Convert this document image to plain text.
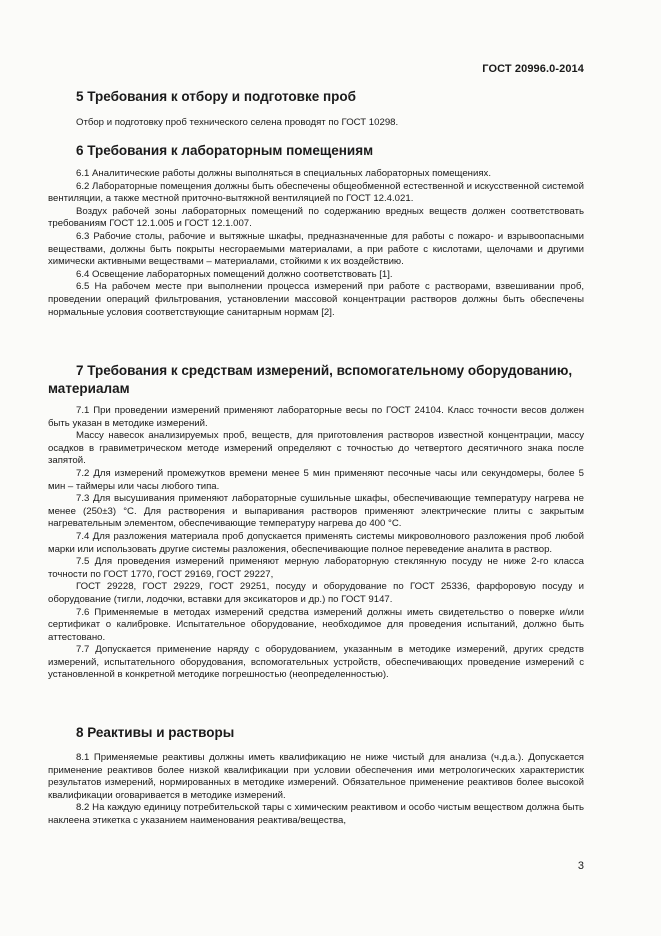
ГОСТ 20996.0-2014
5 Требования к отбору и подготовке проб
Отбор и подготовку проб технического селена проводят по ГОСТ 10298.
6 Требования к лабораторным помещениям

6.1 Аналитические работы должны выполняться в специальных лабораторных помещениях.

6.2 Лабораторные помещения должны быть обеспечены общеобменной естественной и искусственной системой вентиляции, а также местной приточно-вытяжной вентиляцией по ГОСТ 12.4.021.

Воздух рабочей зоны лабораторных помещений по содержанию вредных веществ должен соответствовать требованиям ГОСТ 12.1.005 и ГОСТ 12.1.007.

6.3 Рабочие столы, рабочие и вытяжные шкафы, предназначенные для работы с пожаро- и взрывоопасными веществами, должны быть покрыты несгораемыми материалами, а при работе с кислотами, щелочами и другими химически активными веществами – материалами, стойкими к их воздействию.

6.4 Освещение лабораторных помещений должно соответствовать [1].

6.5 На рабочем месте при выполнении процесса измерений при работе с растворами, взвешивании проб, проведении операций фильтрования, установлении массовой концентрации растворов должны быть обеспечены нормальные условия соответствующие санитарным нормам [2].

7 Требования к средствам измерений, вспомогательному оборудованию, материалам

7.1 При проведении измерений применяют лабораторные весы по ГОСТ 24104. Класс точности весов должен быть указан в методике измерений.

Массу навесок анализируемых проб, веществ, для приготовления растворов известной концентрации, массу осадков в гравиметрическом методе измерений определяют с точностью до четвертого десятичного знака после запятой.

7.2 Для измерений промежутков времени менее 5 мин применяют песочные часы или секундомеры, более 5 мин – таймеры или часы любого типа.

7.3 Для высушивания применяют лабораторные сушильные шкафы, обеспечивающие температуру нагрева не менее (250±3) °С. Для растворения и выпаривания растворов применяют электрические плиты с закрытым нагревательным элементом, обеспечивающие температуру нагрева до 400 °С.

7.4 Для разложения материала проб допускается применять системы микроволнового разложения проб любой марки или использовать другие системы разложения, обеспечивающие полное переведение аналита в раствор.

7.5 Для проведения измерений применяют мерную лабораторную стеклянную посуду не ниже 2-го класса точности по ГОСТ 1770, ГОСТ 29169, ГОСТ 29227,

ГОСТ 29228, ГОСТ 29229, ГОСТ 29251, посуду и оборудование по ГОСТ 25336, фарфоровую посуду и оборудование (тигли, лодочки, вставки для эксикаторов и др.) по ГОСТ 9147.

7.6 Применяемые в методах измерений средства измерений должны иметь свидетельство о поверке и/или сертификат о калибровке. Испытательное оборудование, необходимое для проведения испытаний, должно быть аттестовано.

7.7 Допускается применение наряду с оборудованием, указанным в методике измерений, других средств измерений, испытательного оборудования, вспомогательных устройств, обеспечивающих проведение измерений с установленной в конкретной методике погрешностью (неопределенностью).

8 Реактивы и растворы

8.1 Применяемые реактивы должны иметь квалификацию не ниже чистый для анализа (ч.д.а.). Допускается применение реактивов более низкой квалификации при условии обеспечения ими метрологических характеристик результатов измерений, нормированных в методике измерений. Обязательное применение реактивов более высокой квалификации оговаривается в методике измерений.

8.2 На каждую единицу потребительской тары с химическим реактивом и особо чистым веществом должна быть наклеена этикетка с указанием наименования реактива/вещества,

3
